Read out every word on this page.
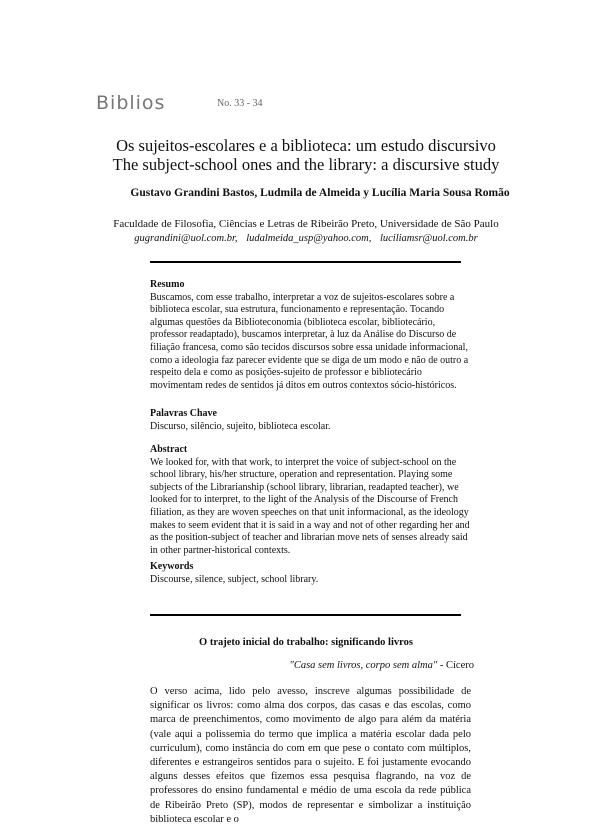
Biblios	No. 33 - 34
Os sujeitos-escolares e a biblioteca: um estudo discursivo
The subject-school ones and the library: a discursive study
Gustavo Grandini Bastos, Ludmila de Almeida y Lucília Maria Sousa Romão
Faculdade de Filosofia, Ciências e Letras de Ribeirão Preto, Universidade de São Paulo
gugrandini@uol.com.br, ludalmeida_usp@yahoo.com, luciliamsr@uol.com.br
Resumo

Buscamos, com esse trabalho, interpretar a voz de sujeitos-escolares sobre a biblioteca escolar, sua estrutura, funcionamento e representação. Tocando algumas questões da Biblioteconomia (biblioteca escolar, bibliotecário, professor readaptado), buscamos interpretar, à luz da Análise do Discurso de filiação francesa, como são tecidos discursos sobre essa unidade informacional, como a ideologia faz parecer evidente que se diga de um modo e não de outro a respeito dela e como as posições-sujeito de professor e bibliotecário movimentam redes de sentidos já ditos em outros contextos sócio-históricos.

Palavras Chave

Discurso, silêncio, sujeito, biblioteca escolar.

Abstract

We looked for, with that work, to interpret the voice of subject-school on the school library, his/her structure, operation and representation. Playing some subjects of the Librarianship (school library, librarian, readapted teacher), we looked for to interpret, to the light of the Analysis of the Discourse of French filiation, as they are woven speeches on that unit informacional, as the ideology makes to seem evident that it is said in a way and not of other regarding her and as the position-subject of teacher and librarian move nets of senses already said in other partner-historical contexts.

Keywords

Discourse, silence, subject, school library.

O trajeto inicial do trabalho: significando livros
"Casa sem livros, corpo sem alma" - Cícero
O verso acima, lido pelo avesso, inscreve algumas possibilidade de significar os livros: como alma dos corpos, das casas e das escolas, como marca de preenchimentos, como movimento de algo para além da matéria (vale aqui a polissemia do termo que implica a matéria escolar dada pelo curriculum), como instância do com em que pese o contato com múltiplos, diferentes e estrangeiros sentidos para o sujeito. E foi justamente evocando alguns desses efeitos que fizemos essa pesquisa flagrando, na voz de professores do ensino fundamental e médio de uma escola da rede pública de Ribeirão Preto (SP), modos de representar e simbolizar a instituição biblioteca escolar e o
